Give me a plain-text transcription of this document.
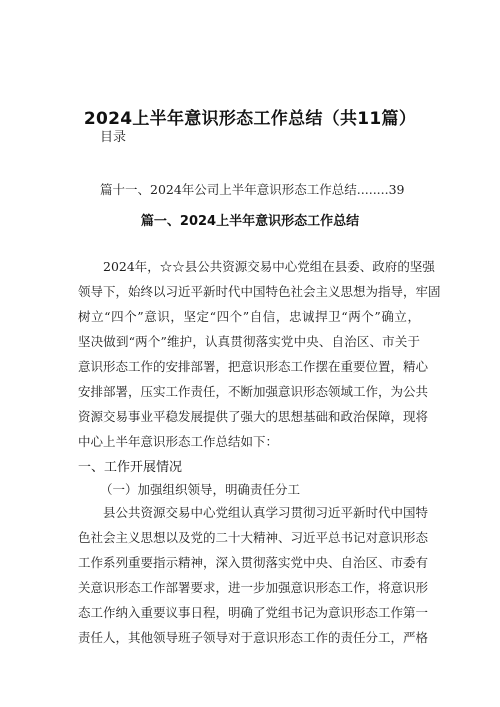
2024上半年意识形态工作总结（共11篇）
目录
篇十一、2024年公司上半年意识形态工作总结........39
篇一、2024上半年意识形态工作总结
2024年，☆☆县公共资源交易中心党组在县委、政府的坚强
领导下，始终以习近平新时代中国特色社会主义思想为指导，牢固
树立“四个”意识，坚定“四个”自信，忠诚捍卫“两个”确立，
坚决做到“两个”维护，认真贯彻落实党中央、自治区、市关于
意识形态工作的安排部署，把意识形态工作摆在重要位置，精心
安排部署，压实工作责任，不断加强意识形态领域工作，为公共
资源交易事业平稳发展提供了强大的思想基础和政治保障，现将
中心上半年意识形态工作总结如下：
一、工作开展情况
（一）加强组织领导，明确责任分工
县公共资源交易中心党组认真学习贯彻习近平新时代中国特
色社会主义思想以及党的二十大精神、习近平总书记对意识形态
工作系列重要指示精神，深入贯彻落实党中央、自治区、市委有
关意识形态工作部署要求，进一步加强意识形态工作，将意识形
态工作纳入重要议事日程，明确了党组书记为意识形态工作第一
责任人，其他领导班子领导对于意识形态工作的责任分工，严格
